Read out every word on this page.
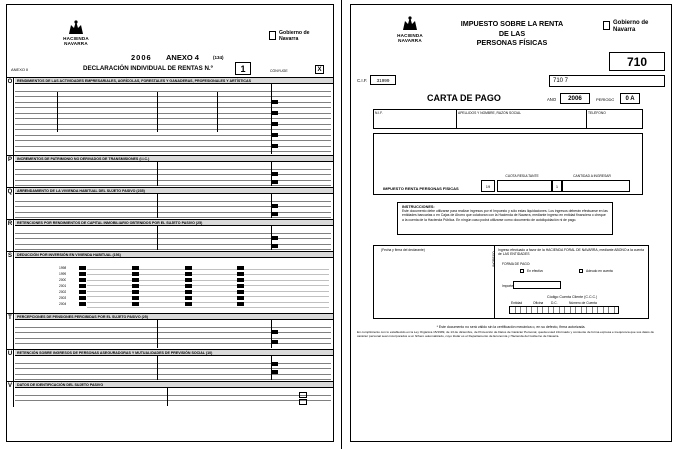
HACIENDA NAVARRA
Gobierno de Navarra
2006 ANEXO 4	(134)
ANEXO II	DECLARACIÓN INDIVIDUAL DE RENTAS N.º	1	CÓNYUGE	X
O	RENDIMIENTOS DE LAS ACTIVIDADES EMPRESARIALES, AGRÍCOLAS, FORESTALES Y GANADERAS, PROFESIONALES Y ARTÍSTICAS
P	INCREMENTOS DE PATRIMONIO NO DERIVADOS DE TRANSMISIONES (I.I.C.)
Q	ARRENDAMIENTO DE LA VIVIENDA HABITUAL DEL SUJETO PASIVO (235)
R	RETENCIONES POR RENDIMIENTOS DE CAPITAL INMOBILIARIO OBTENIDOS POR EL SUJETO PASIVO (25)
S	DEDUCCIÓN POR INVERSIÓN EN VIVIENDA HABITUAL (156)
1998
1999
2000
2001
2002
2003
2004
T	PERCEPCIONES DE PENSIONES PERCIBIDAS POR EL SUJETO PASIVO (25)
U	RETENCIÓN SOBRE INGRESOS DE PERSONAS ASEGURADORAS Y MUTUALIDADES DE PREVISIÓN SOCIAL (10)
V	DATOS DE IDENTIFICACIÓN DEL SUJETO PASIVO
HACIENDA NAVARRA
IMPUESTO SOBRE LA RENTA
DE LAS
PERSONAS FÍSICAS
Gobierno de Navarra
710
C.I.F.	31999	710 7
CARTA DE PAGO	AÑO	2006	PERÍODO	0 A
N.I.F.	APELLIDOS Y NOMBRE, RAZÓN SOCIAL	TELÉFONO
CUOTA RESULTANTE	CANTIDAD A INGRESAR
IMPUESTO RENTA PERSONAS FÍSICAS	19	1
INSTRUCCIONES:
Este documento debe utilizarse para realizar ingresos por el Impuesto y sólo estas liquidaciones. Los ingresos deberán efectuarse en las entidades bancarias o en Cajas de Ahorro que colaboran con la Hacienda de Navarra, mediante ingreso en entidad financiera o cheque a la cuenta de la Hacienda Pública. En ningún caso podrá utilizarse como documento de autoliquidación ni de pago.
(Fecha y firma del declarante)	Ingreso efectuado a favor de la HACIENDA FORAL DE NAVARRA, mediante ABONO a la cuenta de LAS ENTIDADES
FORMA DE PAGO:
En efectivo	Adeudo en cuenta
INGRESO
Importe
Código Cuenta Cliente (C.C.C.)
Entidad	Oficina D.C.	Número de Cuenta
* Este documento no será válido sin la certificación mecánica o, en su defecto, firma autorizada.
En cumplimiento con lo establecido en la Ley Orgánica 15/1999, de 13 de diciembre, de Protección de Datos de Carácter Personal, queda usted informado y consiente de forma expresa e inequívoca que sus datos de carácter personal sean incorporados a un fichero automatizado, cuyo titular es el Departamento de Economía y Hacienda del Gobierno de Navarra.
